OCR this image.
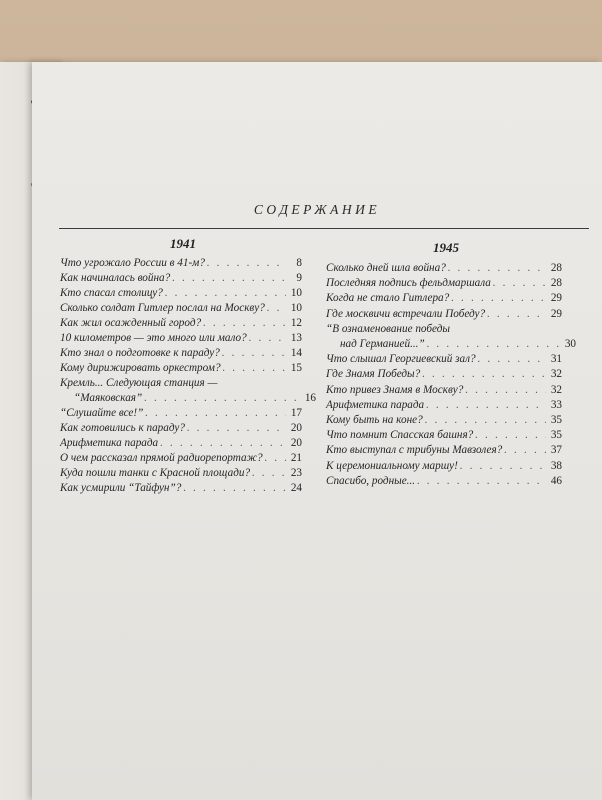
СОДЕРЖАНИЕ
1941	1945
Что угрожало России в 41-м? . . .	8
Как начиналась война? . . .	9
Кто спасал столицу? . . .	10
Сколько солдат Гитлер послал на Москву? . . . 10
Как жил осажденный город? . . .	12
10 километров — это много или мало? . . .	13
Кто знал о подготовке к параду? . . .	14
Кому дирижировать оркестром? . . .	15
Кремль... Следующая станция —
“Маяковская” . . .	16
“Слушайте все!” . . .	17
Как готовились к параду? . . .	20
Арифметика парада . . .	20
О чем рассказал прямой радиорепортаж? . . .	21
Куда пошли танки с Красной площади? . . .	23
Как усмирили “Тайфун”? . . .	24
Сколько дней шла война? . . .	28
Последняя подпись фельдмаршала . . .	28
Когда не стало Гитлера? . . .	29
Где москвичи встречали Победу? . . .	29
“В ознаменование победы
над Германией...” . . .	30
Что слышал Георгиевский зал? . . .	31
Где Знамя Победы? . . .	32
Кто привез Знамя в Москву? . . .	32
Арифметика парада . . .	33
Кому быть на коне? . . .	35
Что помнит Спасская башня? . . .	35
Кто выступал с трибуны Мавзолея? . . .	37
К церемониальному маршу! . . .	38
Спасибо, родные... . . .	46
